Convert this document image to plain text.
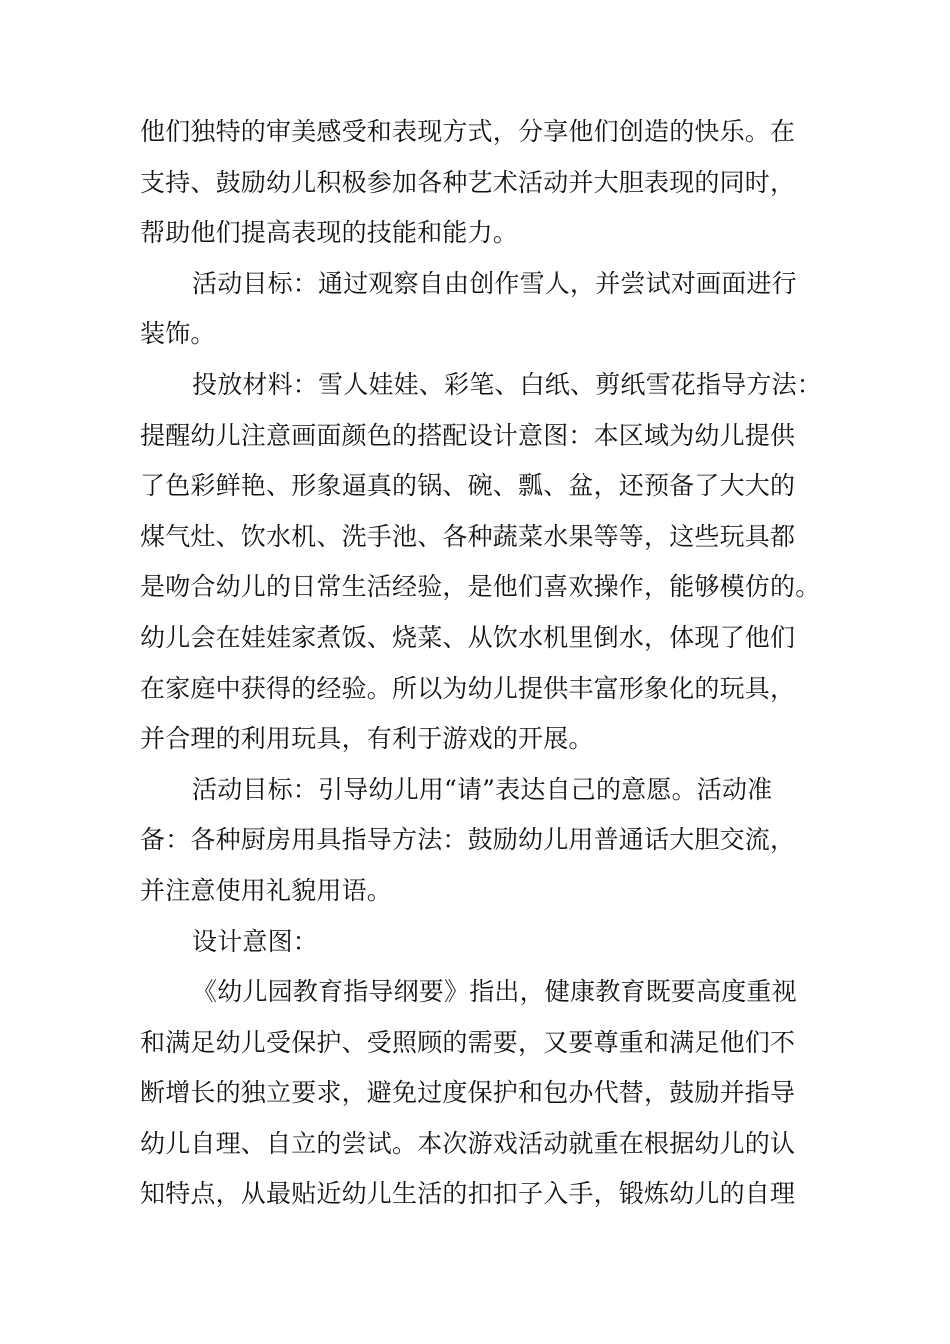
他们独特的审美感受和表现方式，分享他们创造的快乐。在
支持、鼓励幼儿积极参加各种艺术活动并大胆表现的同时，
帮助他们提高表现的技能和能力。
活动目标：通过观察自由创作雪人，并尝试对画面进行
装饰。
投放材料：雪人娃娃、彩笔、白纸、剪纸雪花指导方法：
提醒幼儿注意画面颜色的搭配设计意图：本区域为幼儿提供
了色彩鲜艳、形象逼真的锅、碗、瓢、盆，还预备了大大的
煤气灶、饮水机、洗手池、各种蔬菜水果等等，这些玩具都
是吻合幼儿的日常生活经验，是他们喜欢操作，能够模仿的。
幼儿会在娃娃家煮饭、烧菜、从饮水机里倒水，体现了他们
在家庭中获得的经验。所以为幼儿提供丰富形象化的玩具，
并合理的利用玩具，有利于游戏的开展。
活动目标：引导幼儿用“请”表达自己的意愿。活动准
备：各种厨房用具指导方法：鼓励幼儿用普通话大胆交流，
并注意使用礼貌用语。
设计意图：
《幼儿园教育指导纲要》指出，健康教育既要高度重视
和满足幼儿受保护、受照顾的需要，又要尊重和满足他们不
断增长的独立要求，避免过度保护和包办代替，鼓励并指导
幼儿自理、自立的尝试。本次游戏活动就重在根据幼儿的认
知特点，从最贴近幼儿生活的扣扣子入手，锻炼幼儿的自理
